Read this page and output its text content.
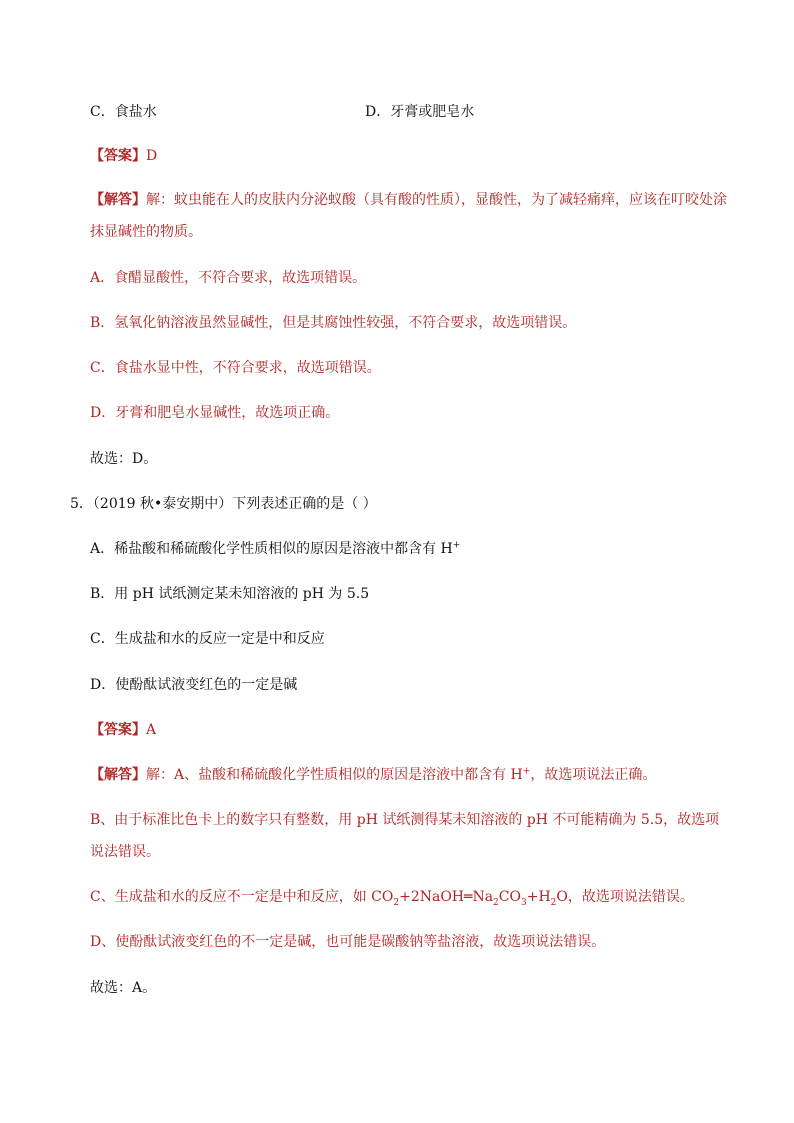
C．食盐水	D．牙膏或肥皂水
【答案】D
【解答】解：蚊虫能在人的皮肤内分泌蚁酸（具有酸的性质），显酸性，为了减轻痛痒，应该在叮咬处涂抹显碱性的物质。
A．食醋显酸性，不符合要求，故选项错误。
B．氢氧化钠溶液虽然显碱性，但是其腐蚀性较强，不符合要求，故选项错误。
C．食盐水显中性，不符合要求，故选项错误。
D．牙膏和肥皂水显碱性，故选项正确。
故选：D。
5．（2019 秋•泰安期中）下列表述正确的是（ ）
A．稀盐酸和稀硫酸化学性质相似的原因是溶液中都含有 H+
B．用 pH 试纸测定某未知溶液的 pH 为 5.5
C．生成盐和水的反应一定是中和反应
D．使酚酞试液变红色的一定是碱
【答案】A
【解答】解：A、盐酸和稀硫酸化学性质相似的原因是溶液中都含有 H+，故选项说法正确。
B、由于标准比色卡上的数字只有整数，用 pH 试纸测得某未知溶液的 pH 不可能精确为 5.5，故选项说法错误。
C、生成盐和水的反应不一定是中和反应，如 $CO_2+2NaOH═Na_2CO_3+H_2O$，故选项说法错误。
D、使酚酞试液变红色的不一定是碱，也可能是碳酸钠等盐溶液，故选项说法错误。
故选：A。
